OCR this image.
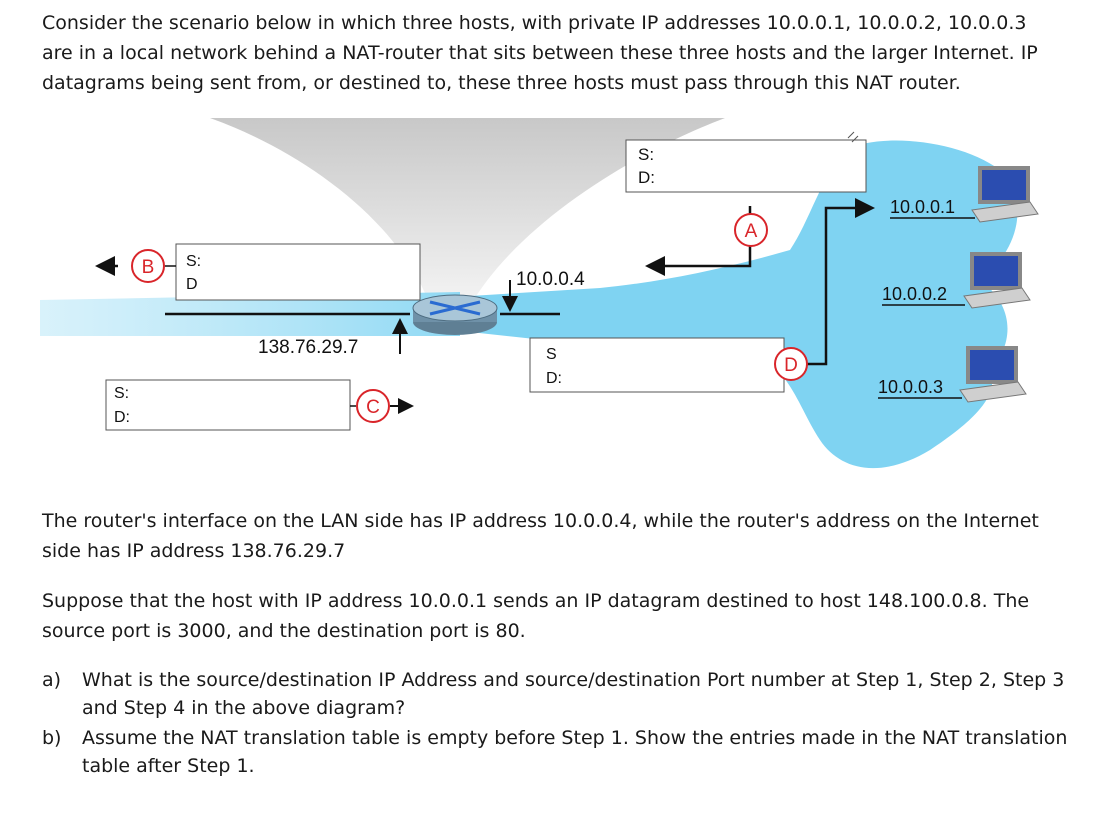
Consider the scenario below in which three hosts, with private IP addresses 10.0.0.1, 10.0.0.2, 10.0.0.3 are in a local network behind a NAT-router that sits between these three hosts and the larger Internet. IP datagrams being sent from, or destined to, these three hosts must pass through this NAT router.

S:
D:
S:
D
S:
D:
S
D:
A
B
C
D
10.0.0.4
138.76.29.7
10.0.0.1
10.0.0.2
10.0.0.3

The router's interface on the LAN side has IP address 10.0.0.4, while the router's address on the Internet side has IP address 138.76.29.7

Suppose that the host with IP address 10.0.0.1 sends an IP datagram destined to host 148.100.0.8. The source port is 3000, and the destination port is 80.

a) What is the source/destination IP Address and source/destination Port number at Step 1, Step 2, Step 3 and Step 4 in the above diagram?
b) Assume the NAT translation table is empty before Step 1. Show the entries made in the NAT translation table after Step 1.
